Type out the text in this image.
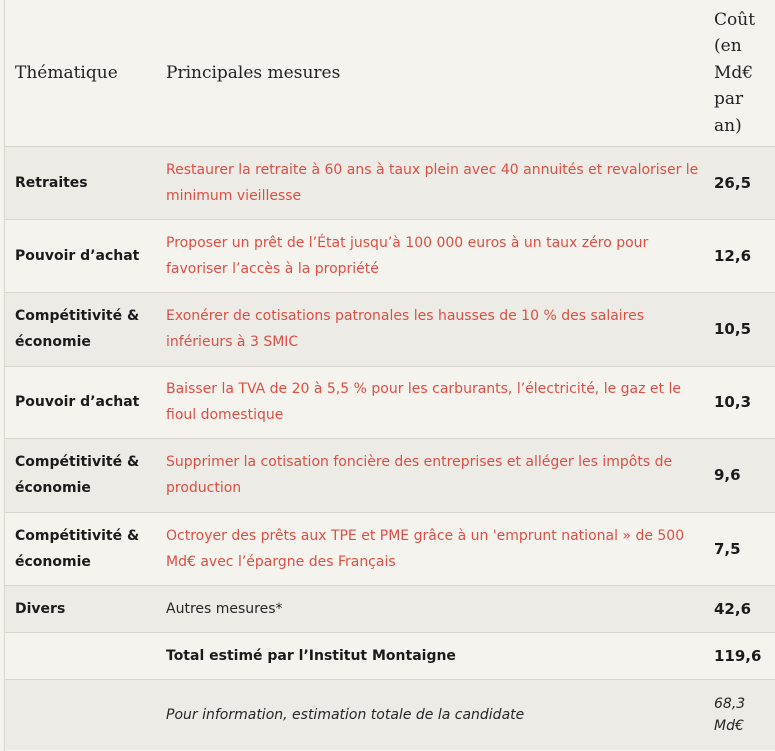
Thématique	Principales mesures	Coût (en Md€ par an)
Retraites	Restaurer la retraite à 60 ans à taux plein avec 40 annuités et revaloriser le minimum vieillesse	26,5
Pouvoir d’achat	Proposer un prêt de l’État jusqu’à 100 000 euros à un taux zéro pour favoriser l’accès à la propriété	12,6
Compétitivité & économie	Exonérer de cotisations patronales les hausses de 10 % des salaires inférieurs à 3 SMIC	10,5
Pouvoir d’achat	Baisser la TVA de 20 à 5,5 % pour les carburants, l’électricité, le gaz et le fioul domestique	10,3
Compétitivité & économie	Supprimer la cotisation foncière des entreprises et alléger les impôts de production	9,6
Compétitivité & économie	Octroyer des prêts aux TPE et PME grâce à un 'emprunt national » de 500 Md€ avec l’épargne des Français	7,5
Divers	Autres mesures*	42,6
	Total estimé par l’Institut Montaigne	119,6
	Pour information, estimation totale de la candidate	68,3 Md€
